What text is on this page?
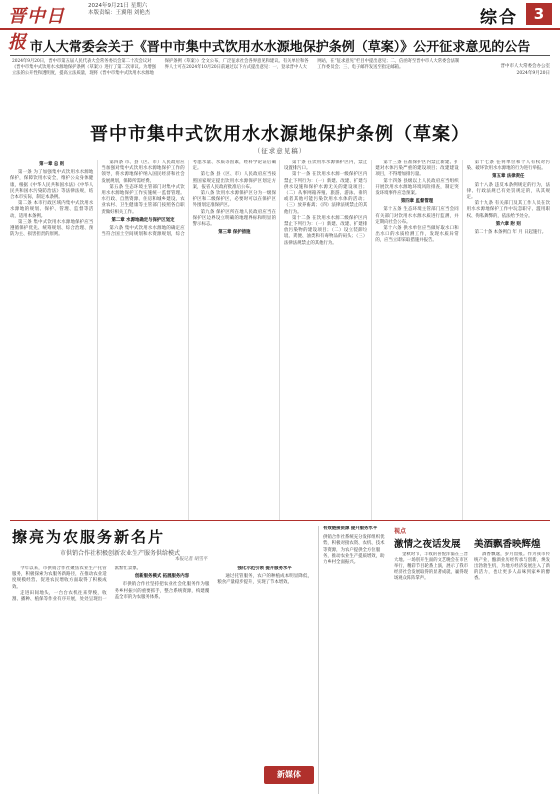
晋中日报
2024年9月21日 星期六
本版责编：王翼翔 刘艳杰	综合	3
市人大常委会关于《晋中市集中式饮用水水源地保护条例（草案）》公开征求意见的公告
2024年9月20日，晋中市第五届人民代表大会常务委员会第二十次会议对《晋中市集中式饮用水水源地保护条例（草案）》进行了第二次审议。为增强立法的公开性和透明度，提高立法质量，现将《晋中市集中式饮用水水源地保护条例（草案）》全文公布，广泛征求社会各界意见和建议。有关单位和各界人士可在2024年10月20日前通过以下方式提出意见：一、登录晋中人大网站，在“征求意见”栏目中提出意见；二、信函寄至晋中市人大常委会法制工作委员会；三、电子邮件发送至指定邮箱。	晋中市人大常委会办公室
2024年9月20日
晋中市集中式饮用水水源地保护条例（草案）
（征求意见稿）
第一章 总 则

第一条 为了加强集中式饮用水水源地保护，保障饮用水安全，维护公众身体健康，根据《中华人民共和国水法》《中华人民共和国水污染防治法》等法律法规，结合本市实际，制定本条例。

第二条 本市行政区域内集中式饮用水水源地的规划、保护、管理、监督等活动，适用本条例。

第三条 集中式饮用水水源地保护应当遵循保护优先、统筹规划、综合治理、预防为主、损害担责的原则。

第四条 市、县（区、市）人民政府应当加强对集中式饮用水水源地保护工作的领导，将水源地保护纳入国民经济和社会发展规划，保障所需经费。

第五条 生态环境主管部门对集中式饮用水水源地保护工作实施统一监督管理。水行政、自然资源、住房和城乡建设、农业农村、卫生健康等主管部门按照各自职责做好相关工作。

第二章 水源地确定与保护区划定

第六条 集中式饮用水水源地的确定应当符合国土空间规划和水资源规划，综合考虑水量、水质等因素，经科学论证后确定。

第七条 县（区、市）人民政府应当按照国家规定提出饮用水水源保护区划定方案，报省人民政府批准后公布。

第八条 饮用水水源保护区分为一级保护区和二级保护区，必要时可以在保护区外围划定准保护区。

第九条 保护区所在地人民政府应当在保护区边界设立明确的地理界标和明显的警示标志。

第三章 保护措施

第十条 在饮用水水源保护区内，禁止设置排污口。

第十一条 在饮用水水源一级保护区内禁止下列行为：（一）新建、改建、扩建与供水设施和保护水源无关的建设项目；（二）从事网箱养殖、旅游、游泳、垂钓或者其他可能污染饮用水水体的活动；（三）放养畜禽；（四）法律法规禁止的其他行为。

第十二条 在饮用水水源二级保护区内禁止下列行为：（一）新建、改建、扩建排放污染物的建设项目；（二）设立装卸垃圾、粪便、油类和有毒物品的码头；（三）法律法规禁止的其他行为。

第十三条 在准保护区内禁止新建、扩建对水体污染严重的建设项目；改建建设项目，不得增加排污量。

第十四条 县级以上人民政府应当组织开展饮用水水源地环境风险排查，制定突发环境事件应急预案。

第四章 监督管理

第十五条 生态环境主管部门应当会同有关部门对饮用水水源水质进行监测，并定期向社会公布。

第十六条 供水单位应当做好取水口和出水口的水质检测工作，发现水质异常的，应当立即采取措施并报告。

第十七条 任何单位和个人有权对污染、破坏饮用水水源地的行为进行举报。

第五章 法律责任

第十八条 违反本条例规定的行为，法律、行政法规已有处罚规定的，从其规定。

第十九条 有关部门及其工作人员在饮用水水源地保护工作中玩忽职守、滥用职权、徇私舞弊的，依法给予处分。

第六章 附 则

第二十条 本条例自 年 月 日起施行。

擦亮为农服务新名片
市供销合作社积极创新农业生产服务供给模式
本报记者 胡雪平

今年以来，市供销合作社聚焦农业生产托管服务，积极探索为农服务新路径，在推动农业适度规模经营、促进农民增收方面取得了积极成效。

走进田间地头，一台台农机往来穿梭，收割、播种、植保等作业有序开展，处处呈现出一派繁忙景象。

创新服务模式 拓展服务内容

市供销合作社坚持把农业社会化服务作为服务乡村振兴的重要抓手，整合系统资源，构建覆盖全市的为农服务体系。

强化示范引领 提升服务水平

通过托管服务，农户的种植成本明显降低，粮食产量稳步提升，实现了节本增效。

有效链接资源 提升服务水平
供销合作社系统充分发挥组织优势，积极对接农资、农机、技术等资源，为农户提供全方位服务，推动农业生产提质增效，助力乡村全面振兴。
视点
激情之夜话发展 美酒飘香映辉煌

金秋时节，丰收的喜悦洋溢在三晋大地。一场别开生面的文艺晚会在市区举行，精彩节目轮番上演，展示了我市经济社会发展取得的显著成就，赢得现场观众阵阵掌声。

酒香飘逸，岁月留痕。作为我市传统产业，酿酒业历经传承与创新，焕发出勃勃生机，为地方经济发展注入了新的活力，也让更多人品味到家乡的醇香。

新媒体
